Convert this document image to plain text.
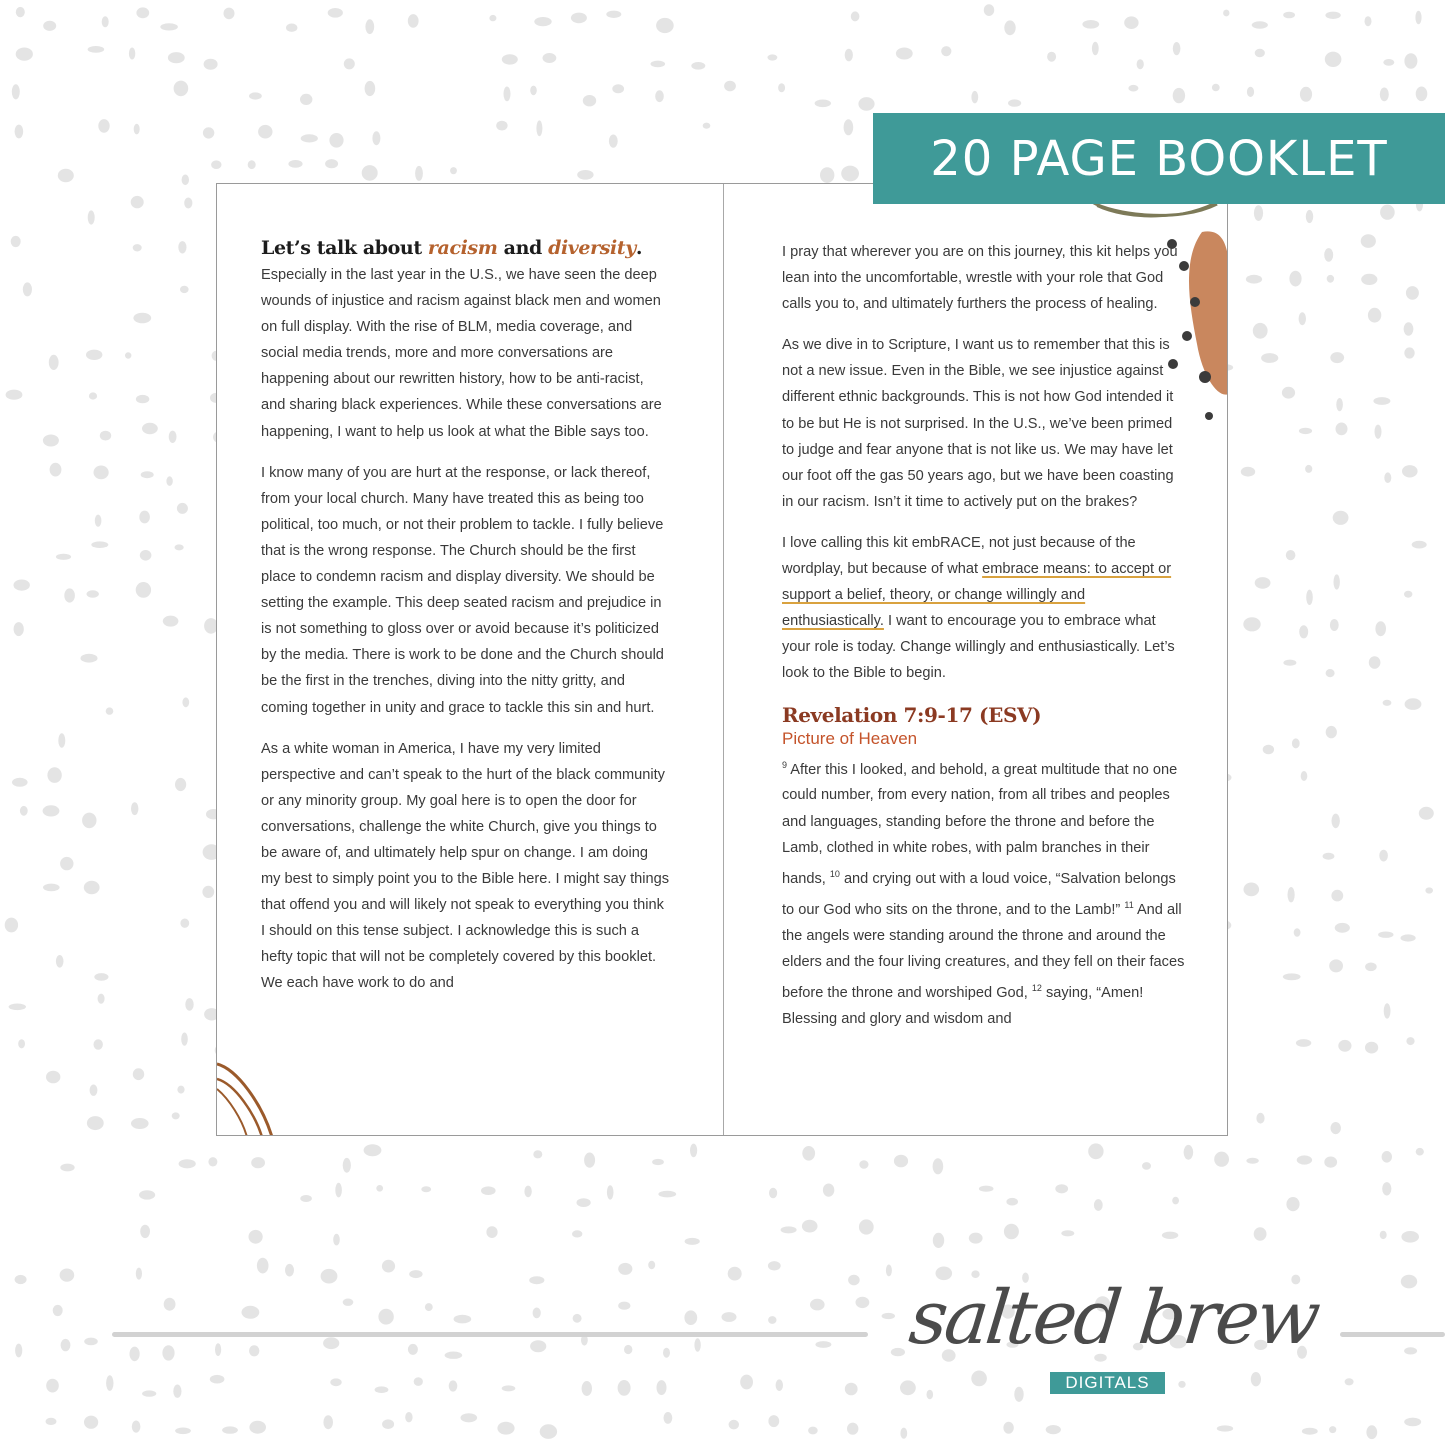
20 PAGE BOOKLET
Let’s talk about racism and diversity.

Especially in the last year in the U.S., we have seen the deep wounds of injustice and racism against black men and women on full display. With the rise of BLM, media coverage, and social media trends, more and more conversations are happening about our rewritten history, how to be anti-racist, and sharing black experiences. While these conversations are happening, I want to help us look at what the Bible says too.

I know many of you are hurt at the response, or lack thereof, from your local church. Many have treated this as being too political, too much, or not their problem to tackle. I fully believe that is the wrong response. The Church should be the first place to condemn racism and display diversity. We should be setting the example. This deep seated racism and prejudice in is not something to gloss over or avoid because it’s politicized by the media. There is work to be done and the Church should be the first in the trenches, diving into the nitty gritty, and coming together in unity and grace to tackle this sin and hurt.

As a white woman in America, I have my very limited perspective and can’t speak to the hurt of the black community or any minority group. My goal here is to open the door for conversations, challenge the white Church, give you things to be aware of, and ultimately help spur on change. I am doing my best to simply point you to the Bible here. I might say things that offend you and will likely not speak to everything you think I should on this tense subject. I acknowledge this is such a hefty topic that will not be completely covered by this booklet. We each have work to do and

I pray that wherever you are on this journey, this kit helps you lean into the uncomfortable, wrestle with your role that God calls you to, and ultimately furthers the process of healing.

As we dive in to Scripture, I want us to remember that this is not a new issue. Even in the Bible, we see injustice against different ethnic backgrounds. This is not how God intended it to be but He is not surprised. In the U.S., we’ve been primed to judge and fear anyone that is not like us. We may have let our foot off the gas 50 years ago, but we have been coasting in our racism. Isn’t it time to actively put on the brakes?

I love calling this kit embRACE, not just because of the wordplay, but because of what embrace means: to accept or support a belief, theory, or change willingly and enthusiastically. I want to encourage you to embrace what your role is today. Change willingly and enthusiastically. Let’s look to the Bible to begin.

Revelation 7:9-17 (ESV)
Picture of Heaven

$^9$ After this I looked, and behold, a great multitude that no one could number, from every nation, from all tribes and peoples and languages, standing before the throne and before the Lamb, clothed in white robes, with palm branches in their hands, $^{10}$ and crying out with a loud voice, “Salvation belongs to our God who sits on the throne, and to the Lamb!” $^{11}$ And all the angels were standing around the throne and around the elders and the four living creatures, and they fell on their faces before the throne and worshiped God, $^{12}$ saying, “Amen! Blessing and glory and wisdom and

salted brew
DIGITALS
